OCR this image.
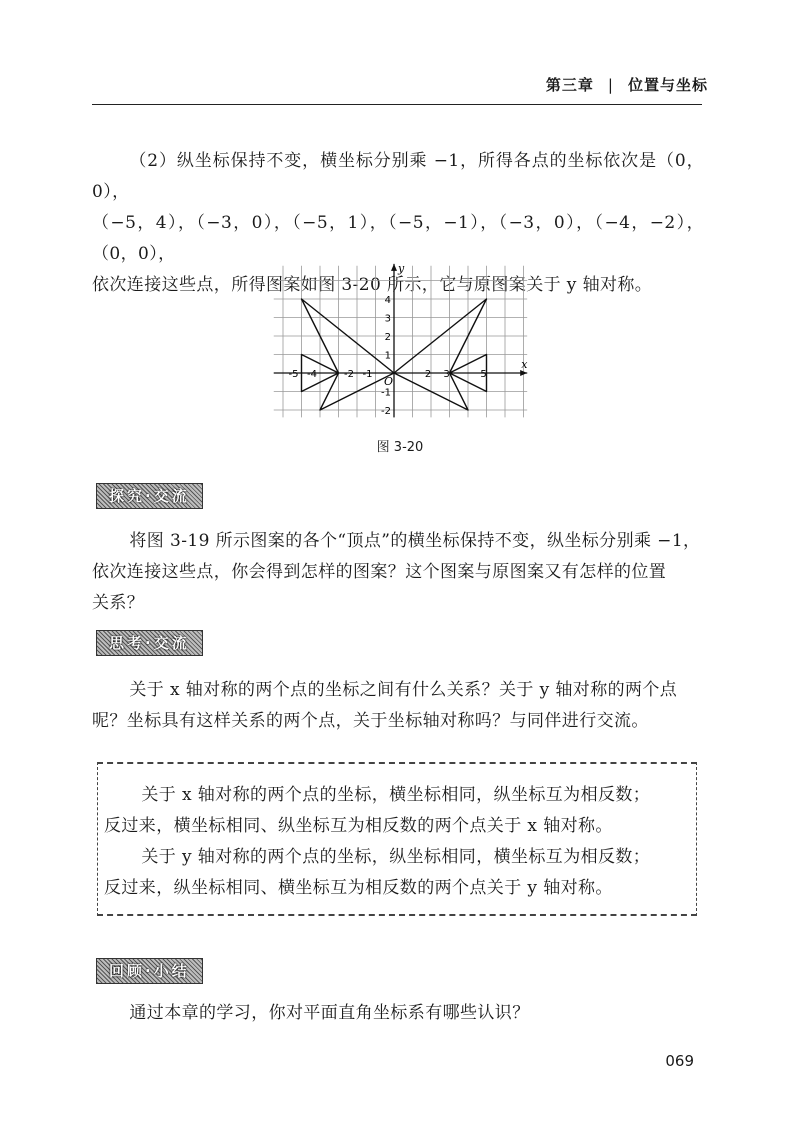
第三章 | 位置与坐标

（2）纵坐标保持不变，横坐标分别乘 −1，所得各点的坐标依次是（0，0），

（−5，4），（−3，0），（−5，1），（−5，−1），（−3，0），（−4，−2），（0，0），

依次连接这些点，所得图案如图 3-20 所示，它与原图案关于 y 轴对称。

x
y
O
-5 -4	-2 -1	2 3	5
4
3
2
1
-1
-2
图 3-20
探究·交流

将图 3-19 所示图案的各个“顶点”的横坐标保持不变，纵坐标分别乘 −1，

依次连接这些点，你会得到怎样的图案？这个图案与原图案又有怎样的位置

关系？

思考·交流

关于 x 轴对称的两个点的坐标之间有什么关系？关于 y 轴对称的两个点

呢？坐标具有这样关系的两个点，关于坐标轴对称吗？与同伴进行交流。

关于 x 轴对称的两个点的坐标，横坐标相同，纵坐标互为相反数；

反过来，横坐标相同、纵坐标互为相反数的两个点关于 x 轴对称。

关于 y 轴对称的两个点的坐标，纵坐标相同，横坐标互为相反数；

反过来，纵坐标相同、横坐标互为相反数的两个点关于 y 轴对称。

回顾·小结

通过本章的学习，你对平面直角坐标系有哪些认识？

069
